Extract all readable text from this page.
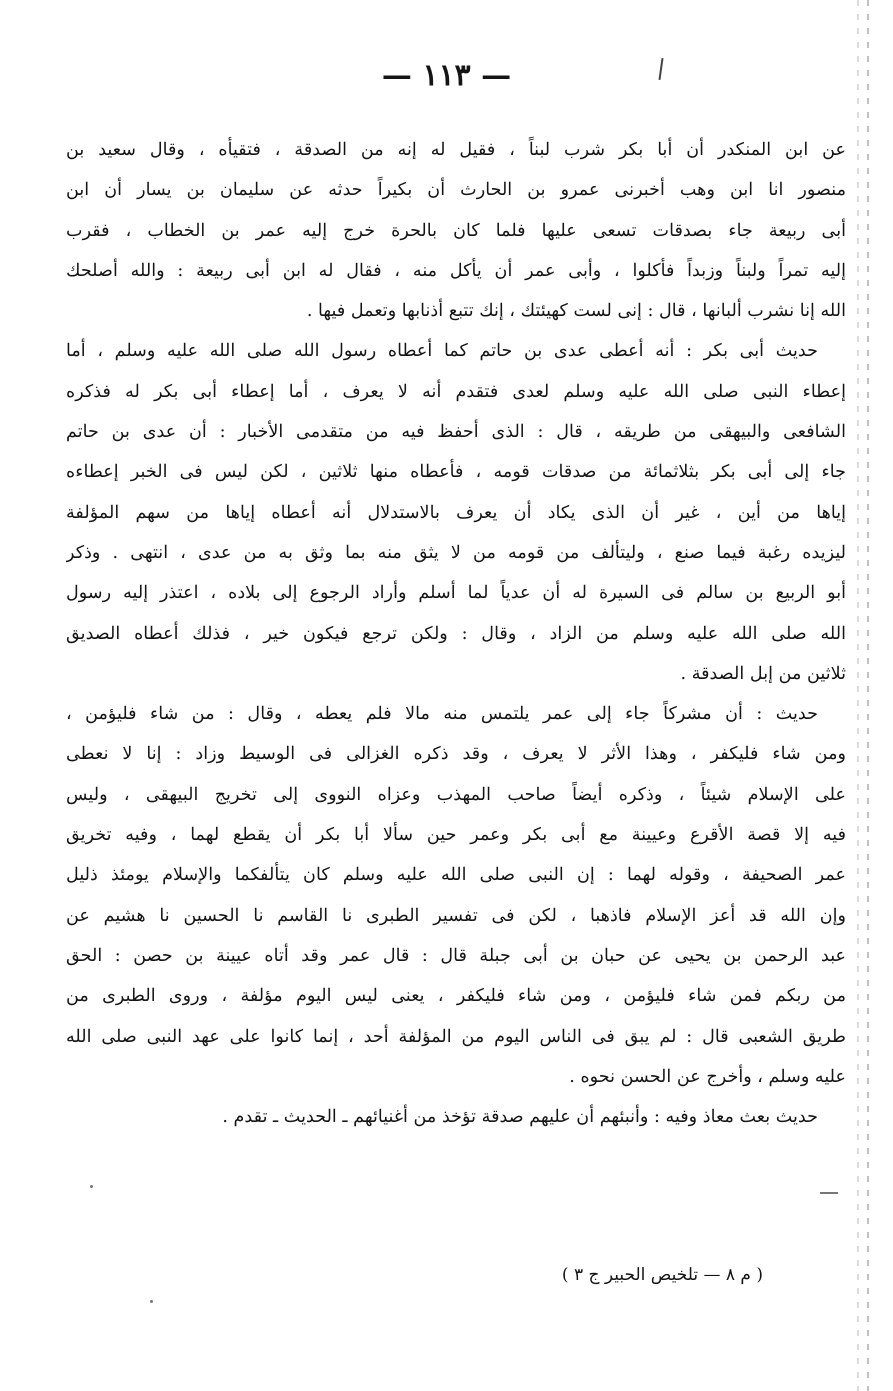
— ١١٣ —
عن ابن المنكدر أن أبا بكر شرب لبناً ، فقيل له إنه من الصدقة ، فتقيأه ، وقال سعيد بن
منصور انا ابن وهب أخبرنى عمرو بن الحارث أن بكيراً حدثه عن سليمان بن يسار أن ابن
أبى ربيعة جاء بصدقات تسعى عليها فلما كان بالحرة خرج إليه عمر بن الخطاب ، فقرب
إليه تمراً ولبناً وزبداً فأكلوا ، وأبى عمر أن يأكل منه ، فقال له ابن أبى ربيعة : والله أصلحك
الله إنا نشرب ألبانها ، قال : إنى لست كهيئتك ، إنك تتبع أذنابها وتعمل فيها .
حديث أبى بكر : أنه أعطى عدى بن حاتم كما أعطاه رسول الله صلى الله عليه وسلم ، أما
إعطاء النبى صلى الله عليه وسلم لعدى فتقدم أنه لا يعرف ، أما إعطاء أبى بكر له فذكره
الشافعى والبيهقى من طريقه ، قال : الذى أحفظ فيه من متقدمى الأخبار : أن عدى بن حاتم
جاء إلى أبى بكر بثلاثمائة من صدقات قومه ، فأعطاه منها ثلاثين ، لكن ليس فى الخبر إعطاءه
إياها من أين ، غير أن الذى يكاد أن يعرف بالاستدلال أنه أعطاه إياها من سهم المؤلفة
ليزيده رغبة فيما صنع ، وليتألف من قومه من لا يثق منه بما وثق به من عدى ، انتهى . وذكر
أبو الربيع بن سالم فى السيرة له أن عدياً لما أسلم وأراد الرجوع إلى بلاده ، اعتذر إليه رسول
الله صلى الله عليه وسلم من الزاد ، وقال : ولكن ترجع فيكون خير ، فذلك أعطاه الصديق
ثلاثين من إبل الصدقة .
حديث : أن مشركاً جاء إلى عمر يلتمس منه مالا فلم يعطه ، وقال : من شاء فليؤمن ،
ومن شاء فليكفر ، وهذا الأثر لا يعرف ، وقد ذكره الغزالى فى الوسيط وزاد : إنا لا نعطى
على الإسلام شيئاً ، وذكره أيضاً صاحب المهذب وعزاه النووى إلى تخريج البيهقى ، وليس
فيه إلا قصة الأقرع وعيينة مع أبى بكر وعمر حين سألا أبا بكر أن يقطع لهما ، وفيه تخريق
عمر الصحيفة ، وقوله لهما : إن النبى صلى الله عليه وسلم كان يتألفكما والإسلام يومئذ ذليل
وإن الله قد أعز الإسلام فاذهبا ، لكن فى تفسير الطبرى نا القاسم نا الحسين نا هشيم عن
عبد الرحمن بن يحيى عن حبان بن أبى جبلة قال : قال عمر وقد أتاه عيينة بن حصن : الحق
من ربكم فمن شاء فليؤمن ، ومن شاء فليكفر ، يعنى ليس اليوم مؤلفة ، وروى الطبرى من
طريق الشعبى قال : لم يبق فى الناس اليوم من المؤلفة أحد ، إنما كانوا على عهد النبى صلى الله
عليه وسلم ، وأخرج عن الحسن نحوه .
حديث بعث معاذ وفيه : وأنبئهم أن عليهم صدقة تؤخذ من أغنيائهم ـ الحديث ـ تقدم .
( م ٨ — تلخيص الحبير ج ٣ )
